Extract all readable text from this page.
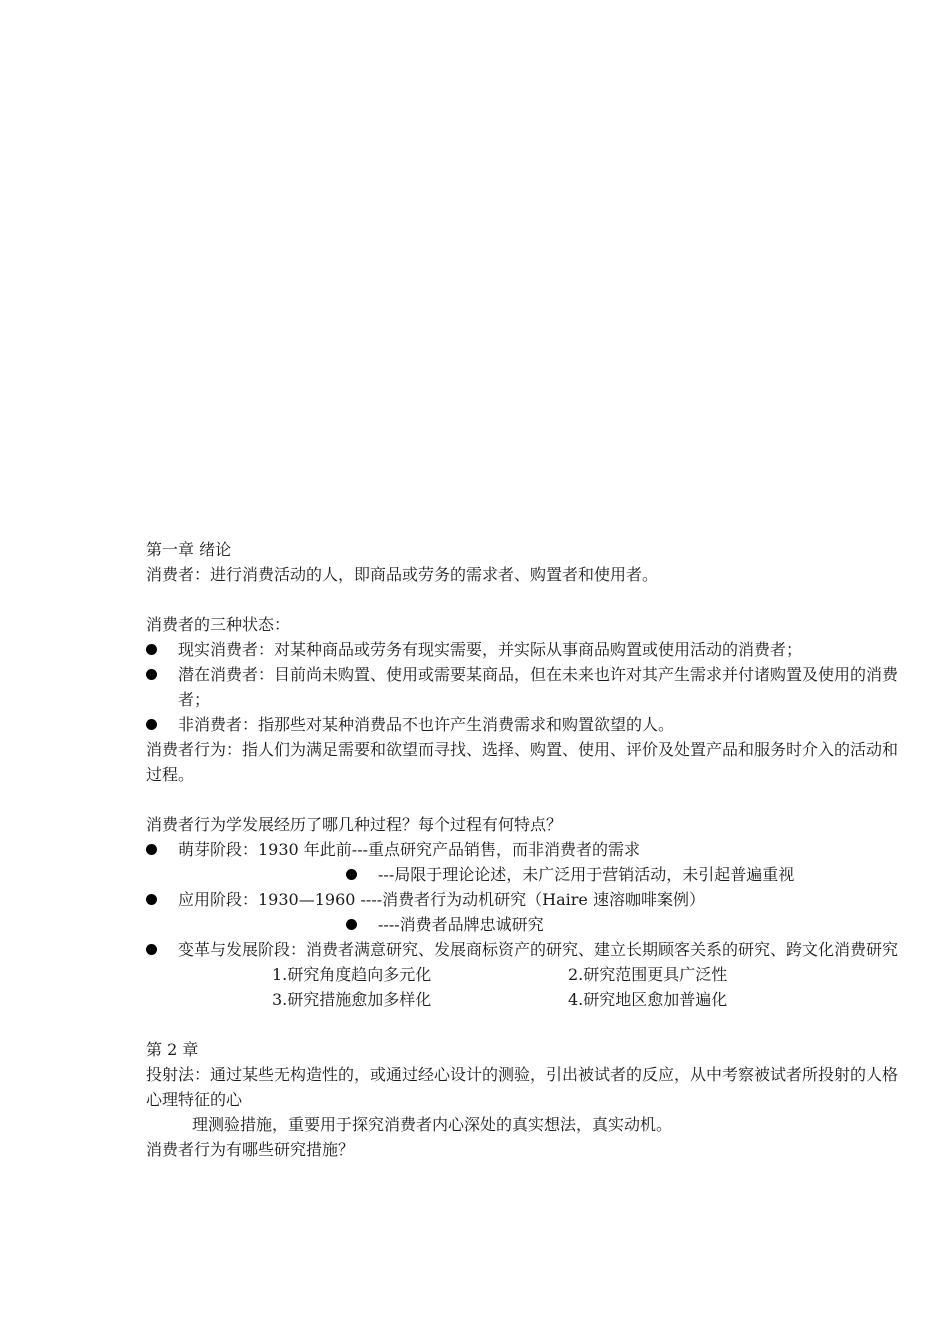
第一章 绪论
消费者：进行消费活动的人，即商品或劳务的需求者、购置者和使用者。
消费者的三种状态：
现实消费者：对某种商品或劳务有现实需要，并实际从事商品购置或使用活动的消费者；
潜在消费者：目前尚未购置、使用或需要某商品，但在未来也许对其产生需求并付诸购置及使用的消费者；
非消费者：指那些对某种消费品不也许产生消费需求和购置欲望的人。
消费者行为：指人们为满足需要和欲望而寻找、选择、购置、使用、评价及处置产品和服务时介入的活动和过程。
消费者行为学发展经历了哪几种过程？每个过程有何特点？
萌芽阶段：1930 年此前---重点研究产品销售，而非消费者的需求
---局限于理论论述，未广泛用于营销活动，未引起普遍重视
应用阶段：1930—1960 ----消费者行为动机研究（Haire 速溶咖啡案例）
----消费者品牌忠诚研究
变革与发展阶段：消费者满意研究、发展商标资产的研究、建立长期顾客关系的研究、跨文化消费研究
1.研究角度趋向多元化	2.研究范围更具广泛性
3.研究措施愈加多样化	4.研究地区愈加普遍化
第 2 章
投射法：通过某些无构造性的，或通过经心设计的测验，引出被试者的反应，从中考察被试者所投射的人格心理特征的心
理测验措施，重要用于探究消费者内心深处的真实想法，真实动机。
消费者行为有哪些研究措施？
